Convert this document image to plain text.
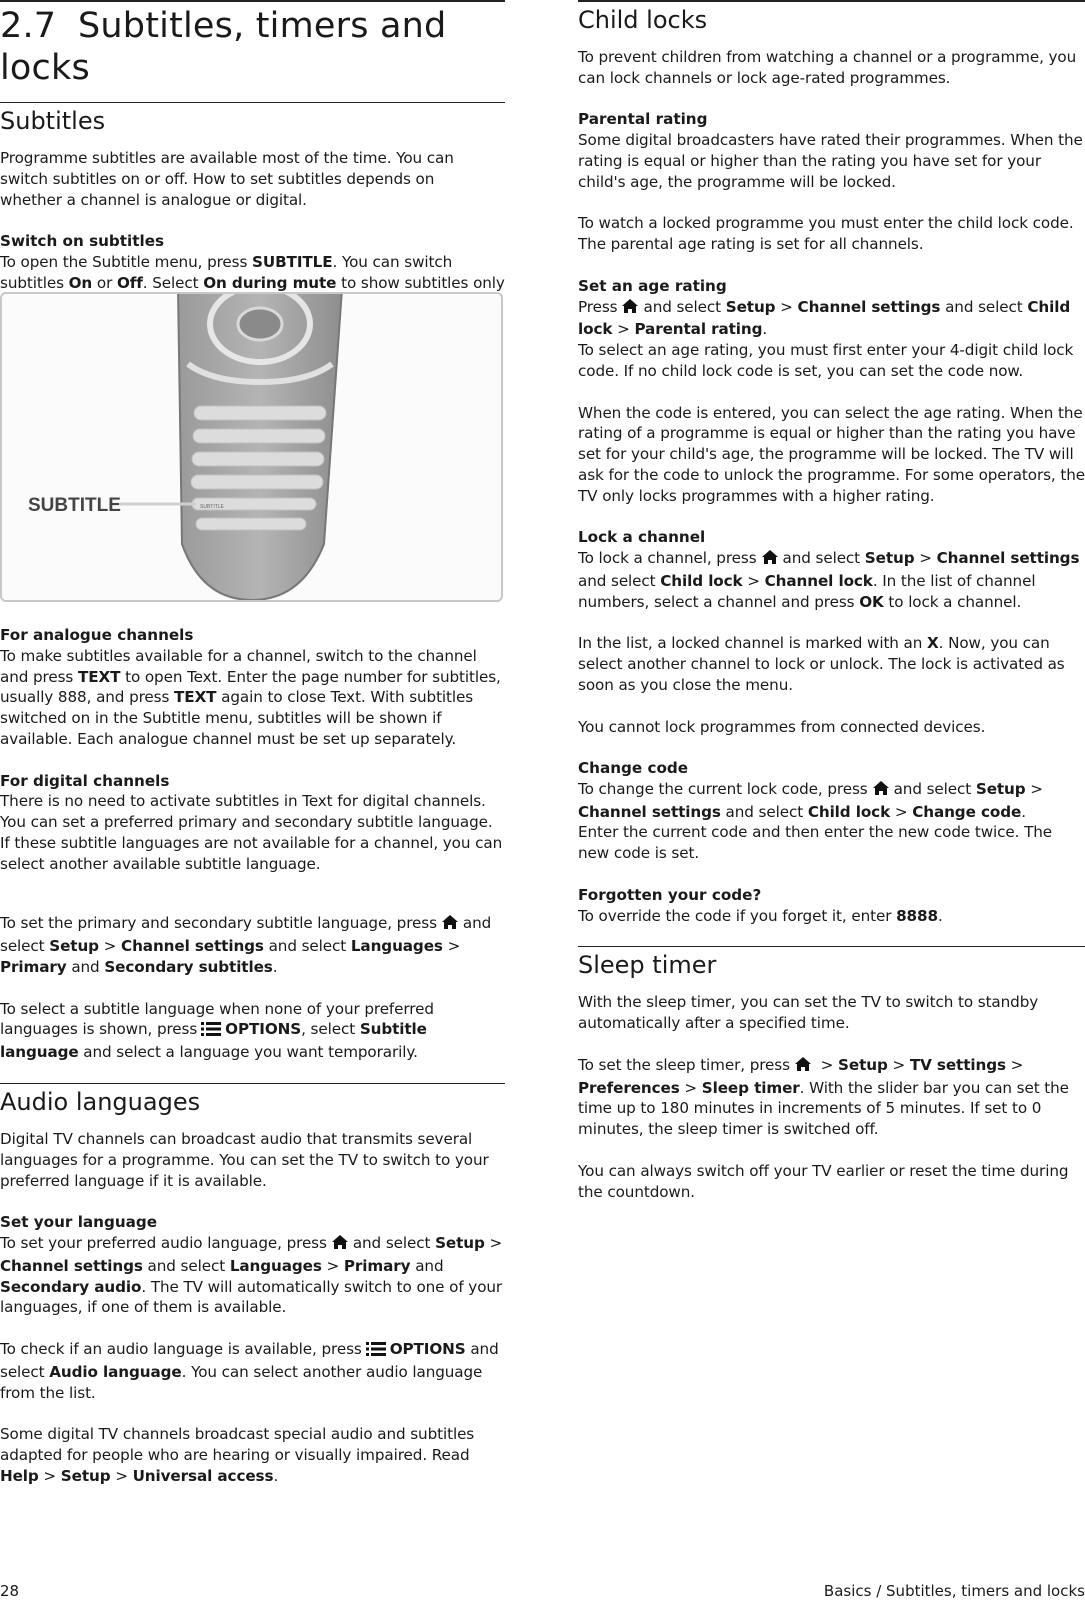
2.7 Subtitles, timers and locks
Subtitles

Programme subtitles are available most of the time. You can
switch subtitles on or off. How to set subtitles depends on
whether a channel is analogue or digital.

Switch on subtitles

To open the Subtitle menu, press SUBTITLE. You can switch subtitles On or Off. Select On during mute to show subtitles only

SUBTITLE
SUBTITLE
For analogue channels

To make subtitles available for a channel, switch to the channel and press TEXT to open Text. Enter the page number for subtitles, usually 888, and press TEXT again to close Text. With subtitles switched on in the Subtitle menu, subtitles will be shown if available. Each analogue channel must be set up separately.

For digital channels

There is no need to activate subtitles in Text for digital channels. You can set a preferred primary and secondary subtitle language. If these subtitle languages are not available for a channel, you can select another available subtitle language.

To set the primary and secondary subtitle language, press and select Setup > Channel settings and select Languages > Primary and Secondary subtitles.

To select a subtitle language when none of your preferred languages is shown, press OPTIONS, select Subtitle language and select a language you want temporarily.

Audio languages

Digital TV channels can broadcast audio that transmits several languages for a programme. You can set the TV to switch to your preferred language if it is available.

Set your language

To set your preferred audio language, press and select Setup > Channel settings and select Languages > Primary and Secondary audio. The TV will automatically switch to one of your languages, if one of them is available.

To check if an audio language is available, press OPTIONS and select Audio language. You can select another audio language from the list.

Some digital TV channels broadcast special audio and subtitles adapted for people who are hearing or visually impaired. Read Help > Setup > Universal access.

Child locks

To prevent children from watching a channel or a programme, you can lock channels or lock age-rated programmes.

Parental rating

Some digital broadcasters have rated their programmes. When the rating is equal or higher than the rating you have set for your child's age, the programme will be locked.

To watch a locked programme you must enter the child lock code. The parental age rating is set for all channels.

Set an age rating

Press and select Setup > Channel settings and select Child lock > Parental rating.
To select an age rating, you must first enter your 4-digit child lock code. If no child lock code is set, you can set the code now.

When the code is entered, you can select the age rating. When the rating of a programme is equal or higher than the rating you have set for your child's age, the programme will be locked. The TV will ask for the code to unlock the programme. For some operators, the TV only locks programmes with a higher rating.

Lock a channel

To lock a channel, press and select Setup > Channel settings and select Child lock > Channel lock. In the list of channel numbers, select a channel and press OK to lock a channel.

In the list, a locked channel is marked with an X. Now, you can select another channel to lock or unlock. The lock is activated as soon as you close the menu.

You cannot lock programmes from connected devices.

Change code

To change the current lock code, press and select Setup > Channel settings and select Child lock > Change code.
Enter the current code and then enter the new code twice. The new code is set.

Forgotten your code?

To override the code if you forget it, enter 8888.

Sleep timer

With the sleep timer, you can set the TV to switch to standby automatically after a specified time.

To set the sleep timer, press > Setup > TV settings > Preferences > Sleep timer. With the slider bar you can set the time up to 180 minutes in increments of 5 minutes. If set to 0 minutes, the sleep timer is switched off.

You can always switch off your TV earlier or reset the time during the countdown.

28	Basics / Subtitles, timers and locks
